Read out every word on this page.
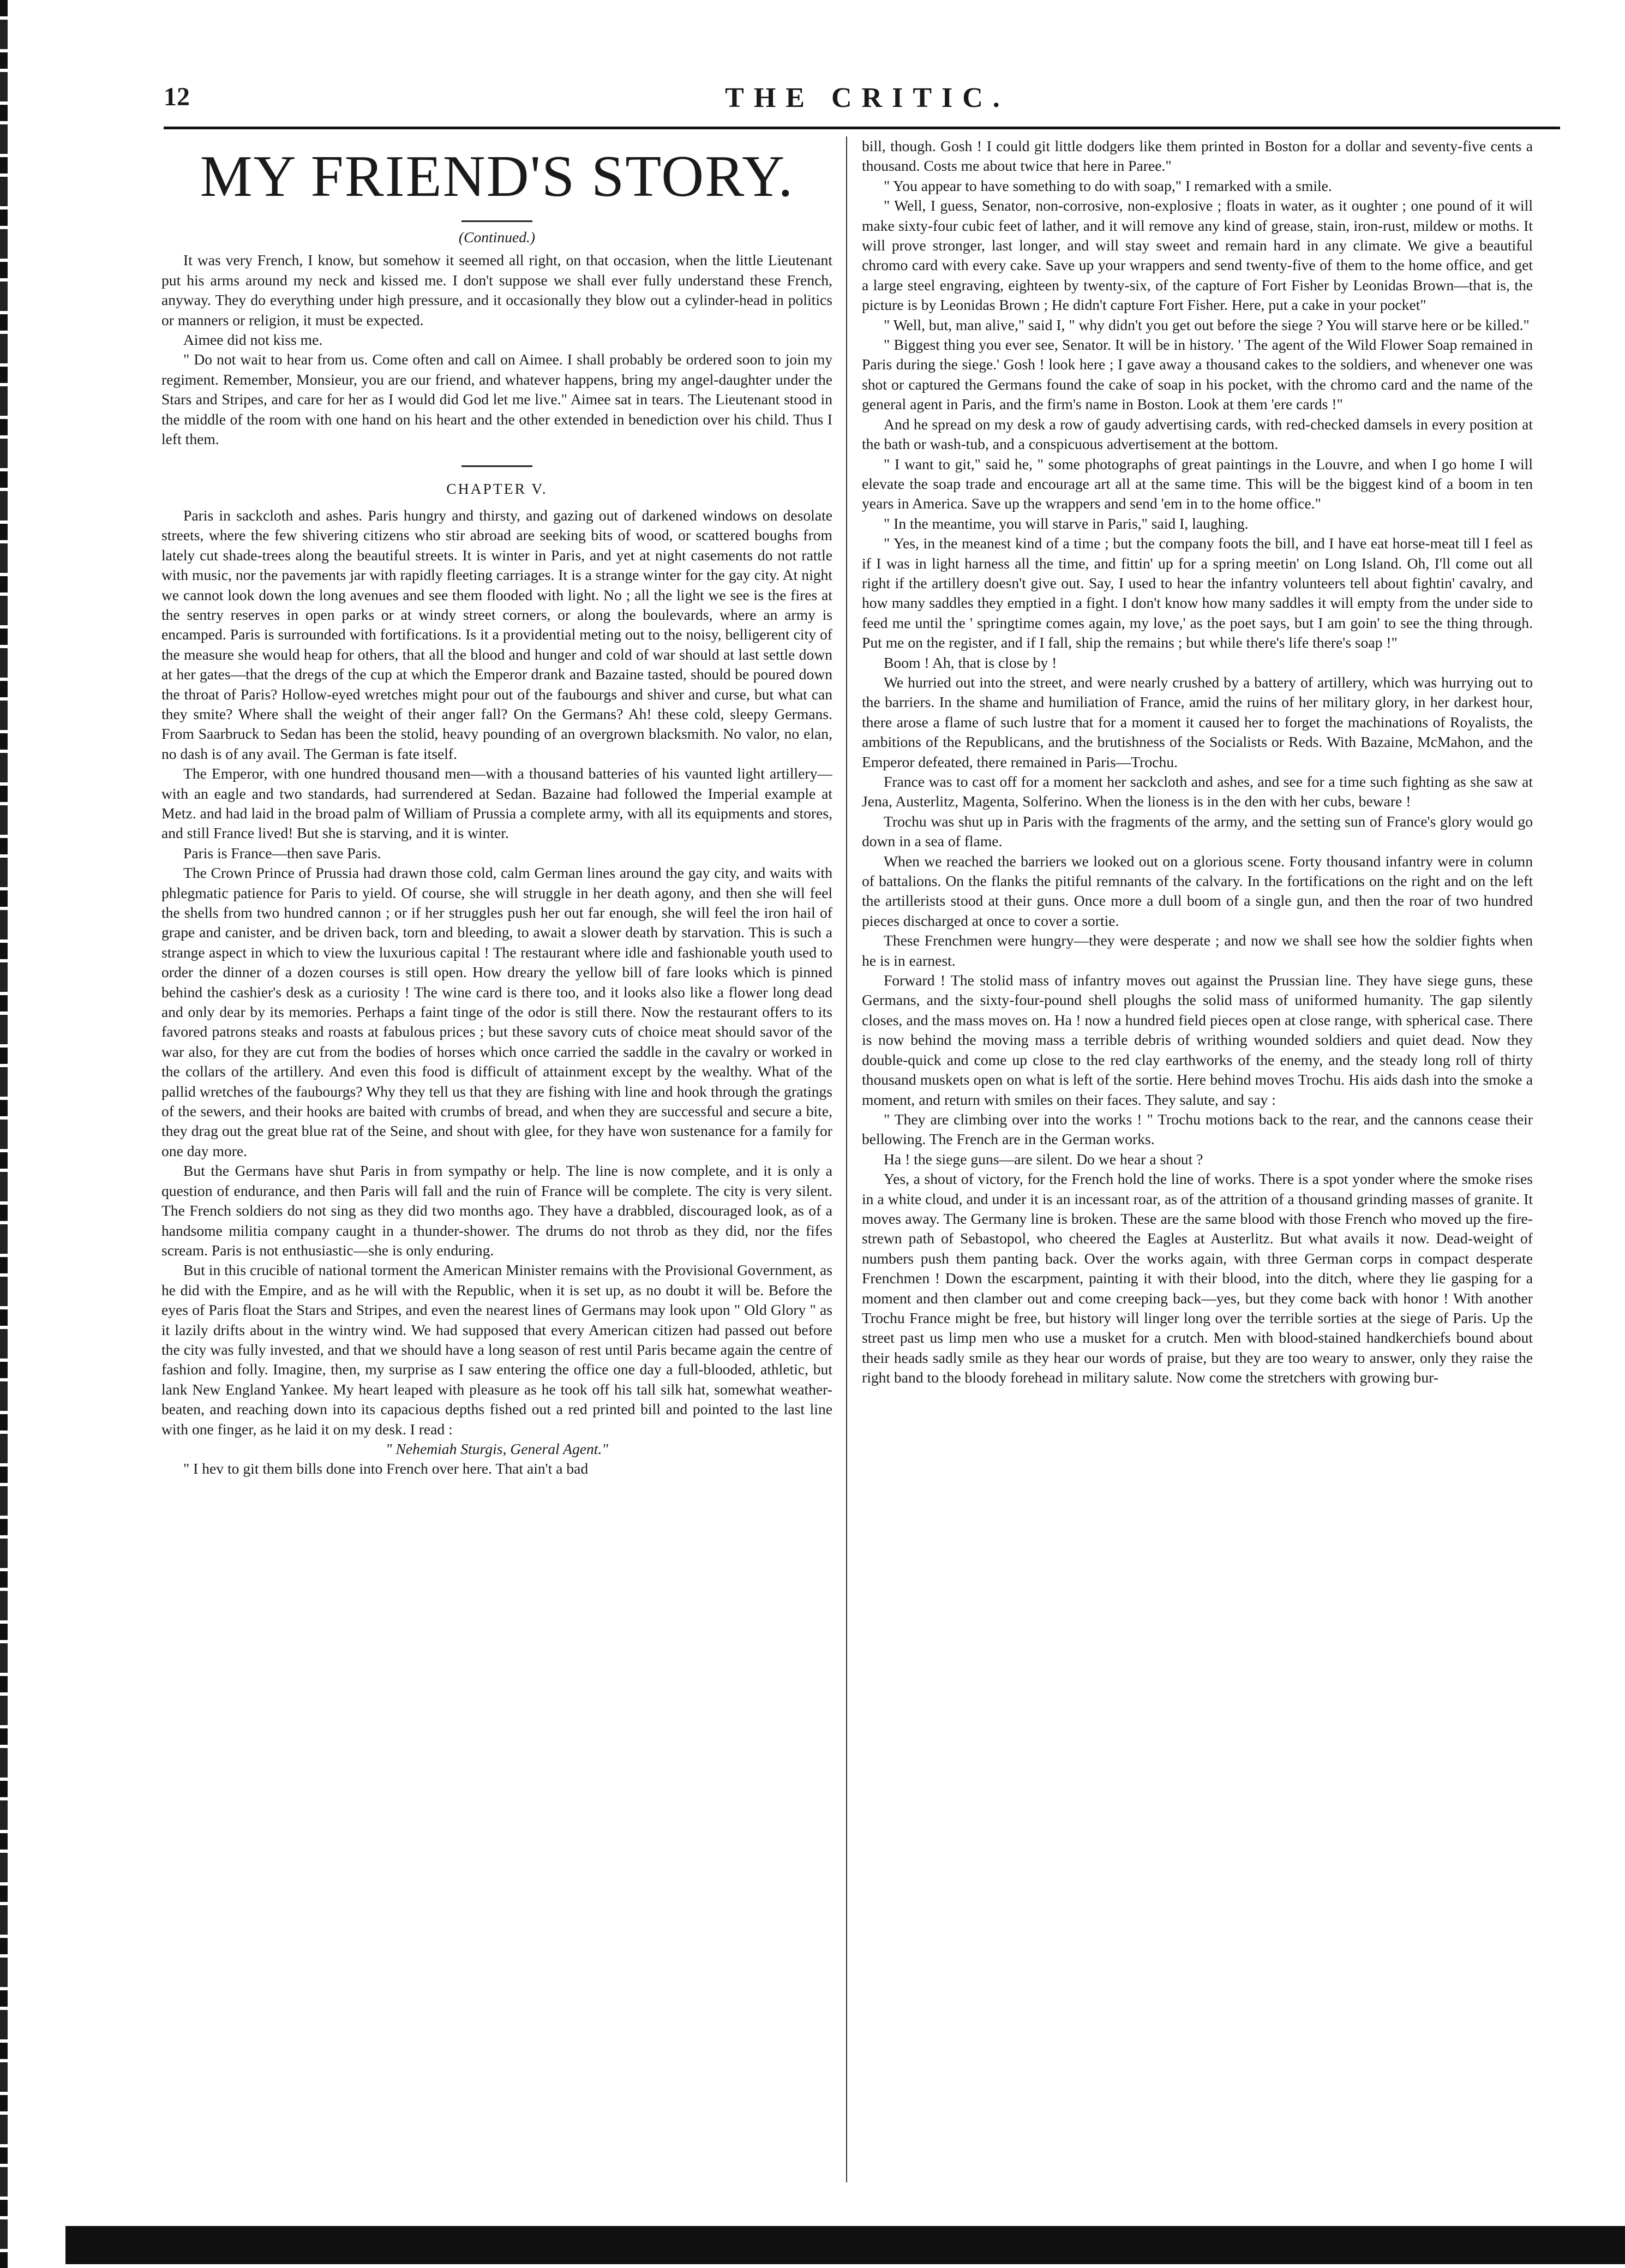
12	THE CRITIC.
MY FRIEND'S STORY.
(Continued.)

It was very French, I know, but somehow it seemed all right, on that occasion, when the little Lieutenant put his arms around my neck and kissed me. I don't suppose we shall ever fully understand these French, anyway. They do everything under high pressure, and it occasionally they blow out a cylinder-head in politics or manners or religion, it must be expected.

Aimee did not kiss me.

" Do not wait to hear from us. Come often and call on Aimee. I shall probably be ordered soon to join my regiment. Remember, Monsieur, you are our friend, and whatever happens, bring my angel-daughter under the Stars and Stripes, and care for her as I would did God let me live." Aimee sat in tears. The Lieutenant stood in the middle of the room with one hand on his heart and the other extended in benediction over his child. Thus I left them.

CHAPTER V.

Paris in sackcloth and ashes. Paris hungry and thirsty, and gazing out of darkened windows on desolate streets, where the few shivering citizens who stir abroad are seeking bits of wood, or scattered boughs from lately cut shade-trees along the beautiful streets. It is winter in Paris, and yet at night casements do not rattle with music, nor the pavements jar with rapidly fleeting carriages. It is a strange winter for the gay city. At night we cannot look down the long avenues and see them flooded with light. No ; all the light we see is the fires at the sentry reserves in open parks or at windy street corners, or along the boulevards, where an army is encamped. Paris is surrounded with fortifications. Is it a providential meting out to the noisy, belligerent city of the measure she would heap for others, that all the blood and hunger and cold of war should at last settle down at her gates—that the dregs of the cup at which the Emperor drank and Bazaine tasted, should be poured down the throat of Paris? Hollow-eyed wretches might pour out of the faubourgs and shiver and curse, but what can they smite? Where shall the weight of their anger fall? On the Germans? Ah! these cold, sleepy Germans. From Saarbruck to Sedan has been the stolid, heavy pounding of an overgrown blacksmith. No valor, no elan, no dash is of any avail. The German is fate itself.

The Emperor, with one hundred thousand men—with a thousand batteries of his vaunted light artillery—with an eagle and two standards, had surrendered at Sedan. Bazaine had followed the Imperial example at Metz. and had laid in the broad palm of William of Prussia a complete army, with all its equipments and stores, and still France lived! But she is starving, and it is winter.

Paris is France—then save Paris.

The Crown Prince of Prussia had drawn those cold, calm German lines around the gay city, and waits with phlegmatic patience for Paris to yield. Of course, she will struggle in her death agony, and then she will feel the shells from two hundred cannon ; or if her struggles push her out far enough, she will feel the iron hail of grape and canister, and be driven back, torn and bleeding, to await a slower death by starvation. This is such a strange aspect in which to view the luxurious capital ! The restaurant where idle and fashionable youth used to order the dinner of a dozen courses is still open. How dreary the yellow bill of fare looks which is pinned behind the cashier's desk as a curiosity ! The wine card is there too, and it looks also like a flower long dead and only dear by its memories. Perhaps a faint tinge of the odor is still there. Now the restaurant offers to its favored patrons steaks and roasts at fabulous prices ; but these savory cuts of choice meat should savor of the war also, for they are cut from the bodies of horses which once carried the saddle in the cavalry or worked in the collars of the artillery. And even this food is difficult of attainment except by the wealthy. What of the pallid wretches of the faubourgs? Why they tell us that they are fishing with line and hook through the gratings of the sewers, and their hooks are baited with crumbs of bread, and when they are successful and secure a bite, they drag out the great blue rat of the Seine, and shout with glee, for they have won sustenance for a family for one day more.

But the Germans have shut Paris in from sympathy or help. The line is now complete, and it is only a question of endurance, and then Paris will fall and the ruin of France will be complete. The city is very silent. The French soldiers do not sing as they did two months ago. They have a drabbled, discouraged look, as of a handsome militia company caught in a thunder-shower. The drums do not throb as they did, nor the fifes scream. Paris is not enthusiastic—she is only enduring.

But in this crucible of national torment the American Minister remains with the Provisional Government, as he did with the Empire, and as he will with the Republic, when it is set up, as no doubt it will be. Before the eyes of Paris float the Stars and Stripes, and even the nearest lines of Germans may look upon " Old Glory " as it lazily drifts about in the wintry wind. We had supposed that every American citizen had passed out before the city was fully invested, and that we should have a long season of rest until Paris became again the centre of fashion and folly. Imagine, then, my surprise as I saw entering the office one day a full-blooded, athletic, but lank New England Yankee. My heart leaped with pleasure as he took off his tall silk hat, somewhat weather-beaten, and reaching down into its capacious depths fished out a red printed bill and pointed to the last line with one finger, as he laid it on my desk. I read :

" Nehemiah Sturgis, General Agent."

" I hev to git them bills done into French over here. That ain't a bad

bill, though. Gosh ! I could git little dodgers like them printed in Boston for a dollar and seventy-five cents a thousand. Costs me about twice that here in Paree."

" You appear to have something to do with soap," I remarked with a smile.

" Well, I guess, Senator, non-corrosive, non-explosive ; floats in water, as it oughter ; one pound of it will make sixty-four cubic feet of lather, and it will remove any kind of grease, stain, iron-rust, mildew or moths. It will prove stronger, last longer, and will stay sweet and remain hard in any climate. We give a beautiful chromo card with every cake. Save up your wrappers and send twenty-five of them to the home office, and get a large steel engraving, eighteen by twenty-six, of the capture of Fort Fisher by Leonidas Brown—that is, the picture is by Leonidas Brown ; He didn't capture Fort Fisher. Here, put a cake in your pocket"

" Well, but, man alive," said I, " why didn't you get out before the siege ? You will starve here or be killed."

" Biggest thing you ever see, Senator. It will be in history. ' The agent of the Wild Flower Soap remained in Paris during the siege.' Gosh ! look here ; I gave away a thousand cakes to the soldiers, and whenever one was shot or captured the Germans found the cake of soap in his pocket, with the chromo card and the name of the general agent in Paris, and the firm's name in Boston. Look at them 'ere cards !"

And he spread on my desk a row of gaudy advertising cards, with red-checked damsels in every position at the bath or wash-tub, and a conspicuous advertisement at the bottom.

" I want to git," said he, " some photographs of great paintings in the Louvre, and when I go home I will elevate the soap trade and encourage art all at the same time. This will be the biggest kind of a boom in ten years in America. Save up the wrappers and send 'em in to the home office."

" In the meantime, you will starve in Paris," said I, laughing.

" Yes, in the meanest kind of a time ; but the company foots the bill, and I have eat horse-meat till I feel as if I was in light harness all the time, and fittin' up for a spring meetin' on Long Island. Oh, I'll come out all right if the artillery doesn't give out. Say, I used to hear the infantry volunteers tell about fightin' cavalry, and how many saddles they emptied in a fight. I don't know how many saddles it will empty from the under side to feed me until the ' springtime comes again, my love,' as the poet says, but I am goin' to see the thing through. Put me on the register, and if I fall, ship the remains ; but while there's life there's soap !"

Boom ! Ah, that is close by !

We hurried out into the street, and were nearly crushed by a battery of artillery, which was hurrying out to the barriers. In the shame and humiliation of France, amid the ruins of her military glory, in her darkest hour, there arose a flame of such lustre that for a moment it caused her to forget the machinations of Royalists, the ambitions of the Republicans, and the brutishness of the Socialists or Reds. With Bazaine, McMahon, and the Emperor defeated, there remained in Paris—Trochu.

France was to cast off for a moment her sackcloth and ashes, and see for a time such fighting as she saw at Jena, Austerlitz, Magenta, Solferino. When the lioness is in the den with her cubs, beware !

Trochu was shut up in Paris with the fragments of the army, and the setting sun of France's glory would go down in a sea of flame.

When we reached the barriers we looked out on a glorious scene. Forty thousand infantry were in column of battalions. On the flanks the pitiful remnants of the calvary. In the fortifications on the right and on the left the artillerists stood at their guns. Once more a dull boom of a single gun, and then the roar of two hundred pieces discharged at once to cover a sortie.

These Frenchmen were hungry—they were desperate ; and now we shall see how the soldier fights when he is in earnest.

Forward ! The stolid mass of infantry moves out against the Prussian line. They have siege guns, these Germans, and the sixty-four-pound shell ploughs the solid mass of uniformed humanity. The gap silently closes, and the mass moves on. Ha ! now a hundred field pieces open at close range, with spherical case. There is now behind the moving mass a terrible debris of writhing wounded soldiers and quiet dead. Now they double-quick and come up close to the red clay earthworks of the enemy, and the steady long roll of thirty thousand muskets open on what is left of the sortie. Here behind moves Trochu. His aids dash into the smoke a moment, and return with smiles on their faces. They salute, and say :

" They are climbing over into the works ! " Trochu motions back to the rear, and the cannons cease their bellowing. The French are in the German works.

Ha ! the siege guns—are silent. Do we hear a shout ?

Yes, a shout of victory, for the French hold the line of works. There is a spot yonder where the smoke rises in a white cloud, and under it is an incessant roar, as of the attrition of a thousand grinding masses of granite. It moves away. The Germany line is broken. These are the same blood with those French who moved up the fire-strewn path of Sebastopol, who cheered the Eagles at Austerlitz. But what avails it now. Dead-weight of numbers push them panting back. Over the works again, with three German corps in compact desperate Frenchmen ! Down the escarpment, painting it with their blood, into the ditch, where they lie gasping for a moment and then clamber out and come creeping back—yes, but they come back with honor ! With another Trochu France might be free, but history will linger long over the terrible sorties at the siege of Paris. Up the street past us limp men who use a musket for a crutch. Men with blood-stained handkerchiefs bound about their heads sadly smile as they hear our words of praise, but they are too weary to answer, only they raise the right band to the bloody forehead in military salute. Now come the stretchers with growing bur-
